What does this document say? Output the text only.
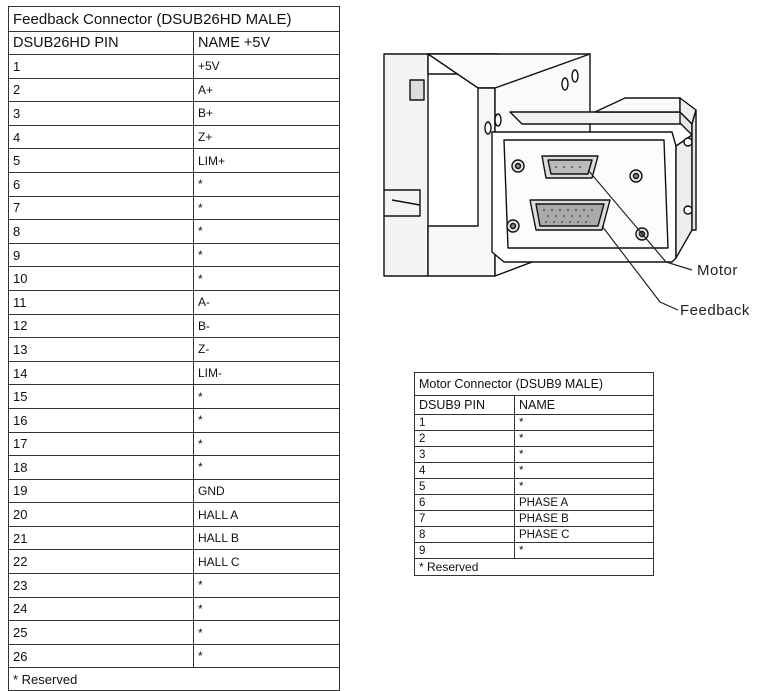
Feedback Connector (DSUB26HD MALE)	
DSUB26HD PIN	NAME +5V
1	+5V
2	A+
3	B+
4	Z+
5	LIM+
6	*
7	*
8	*
9	*
10	*
11	A-
12	B-
13	Z-
14	LIM-
15	*
16	*
17	*
18	*
19	GND
20	HALL A
21	HALL B
22	HALL C
23	*
24	*
25	*
26	*
* Reserved	
Motor
Feedback
Motor Connector (DSUB9 MALE)	
DSUB9 PIN	NAME
1	*
2	*
3	*
4	*
5	*
6	PHASE A
7	PHASE B
8	PHASE C
9	*
* Reserved	
